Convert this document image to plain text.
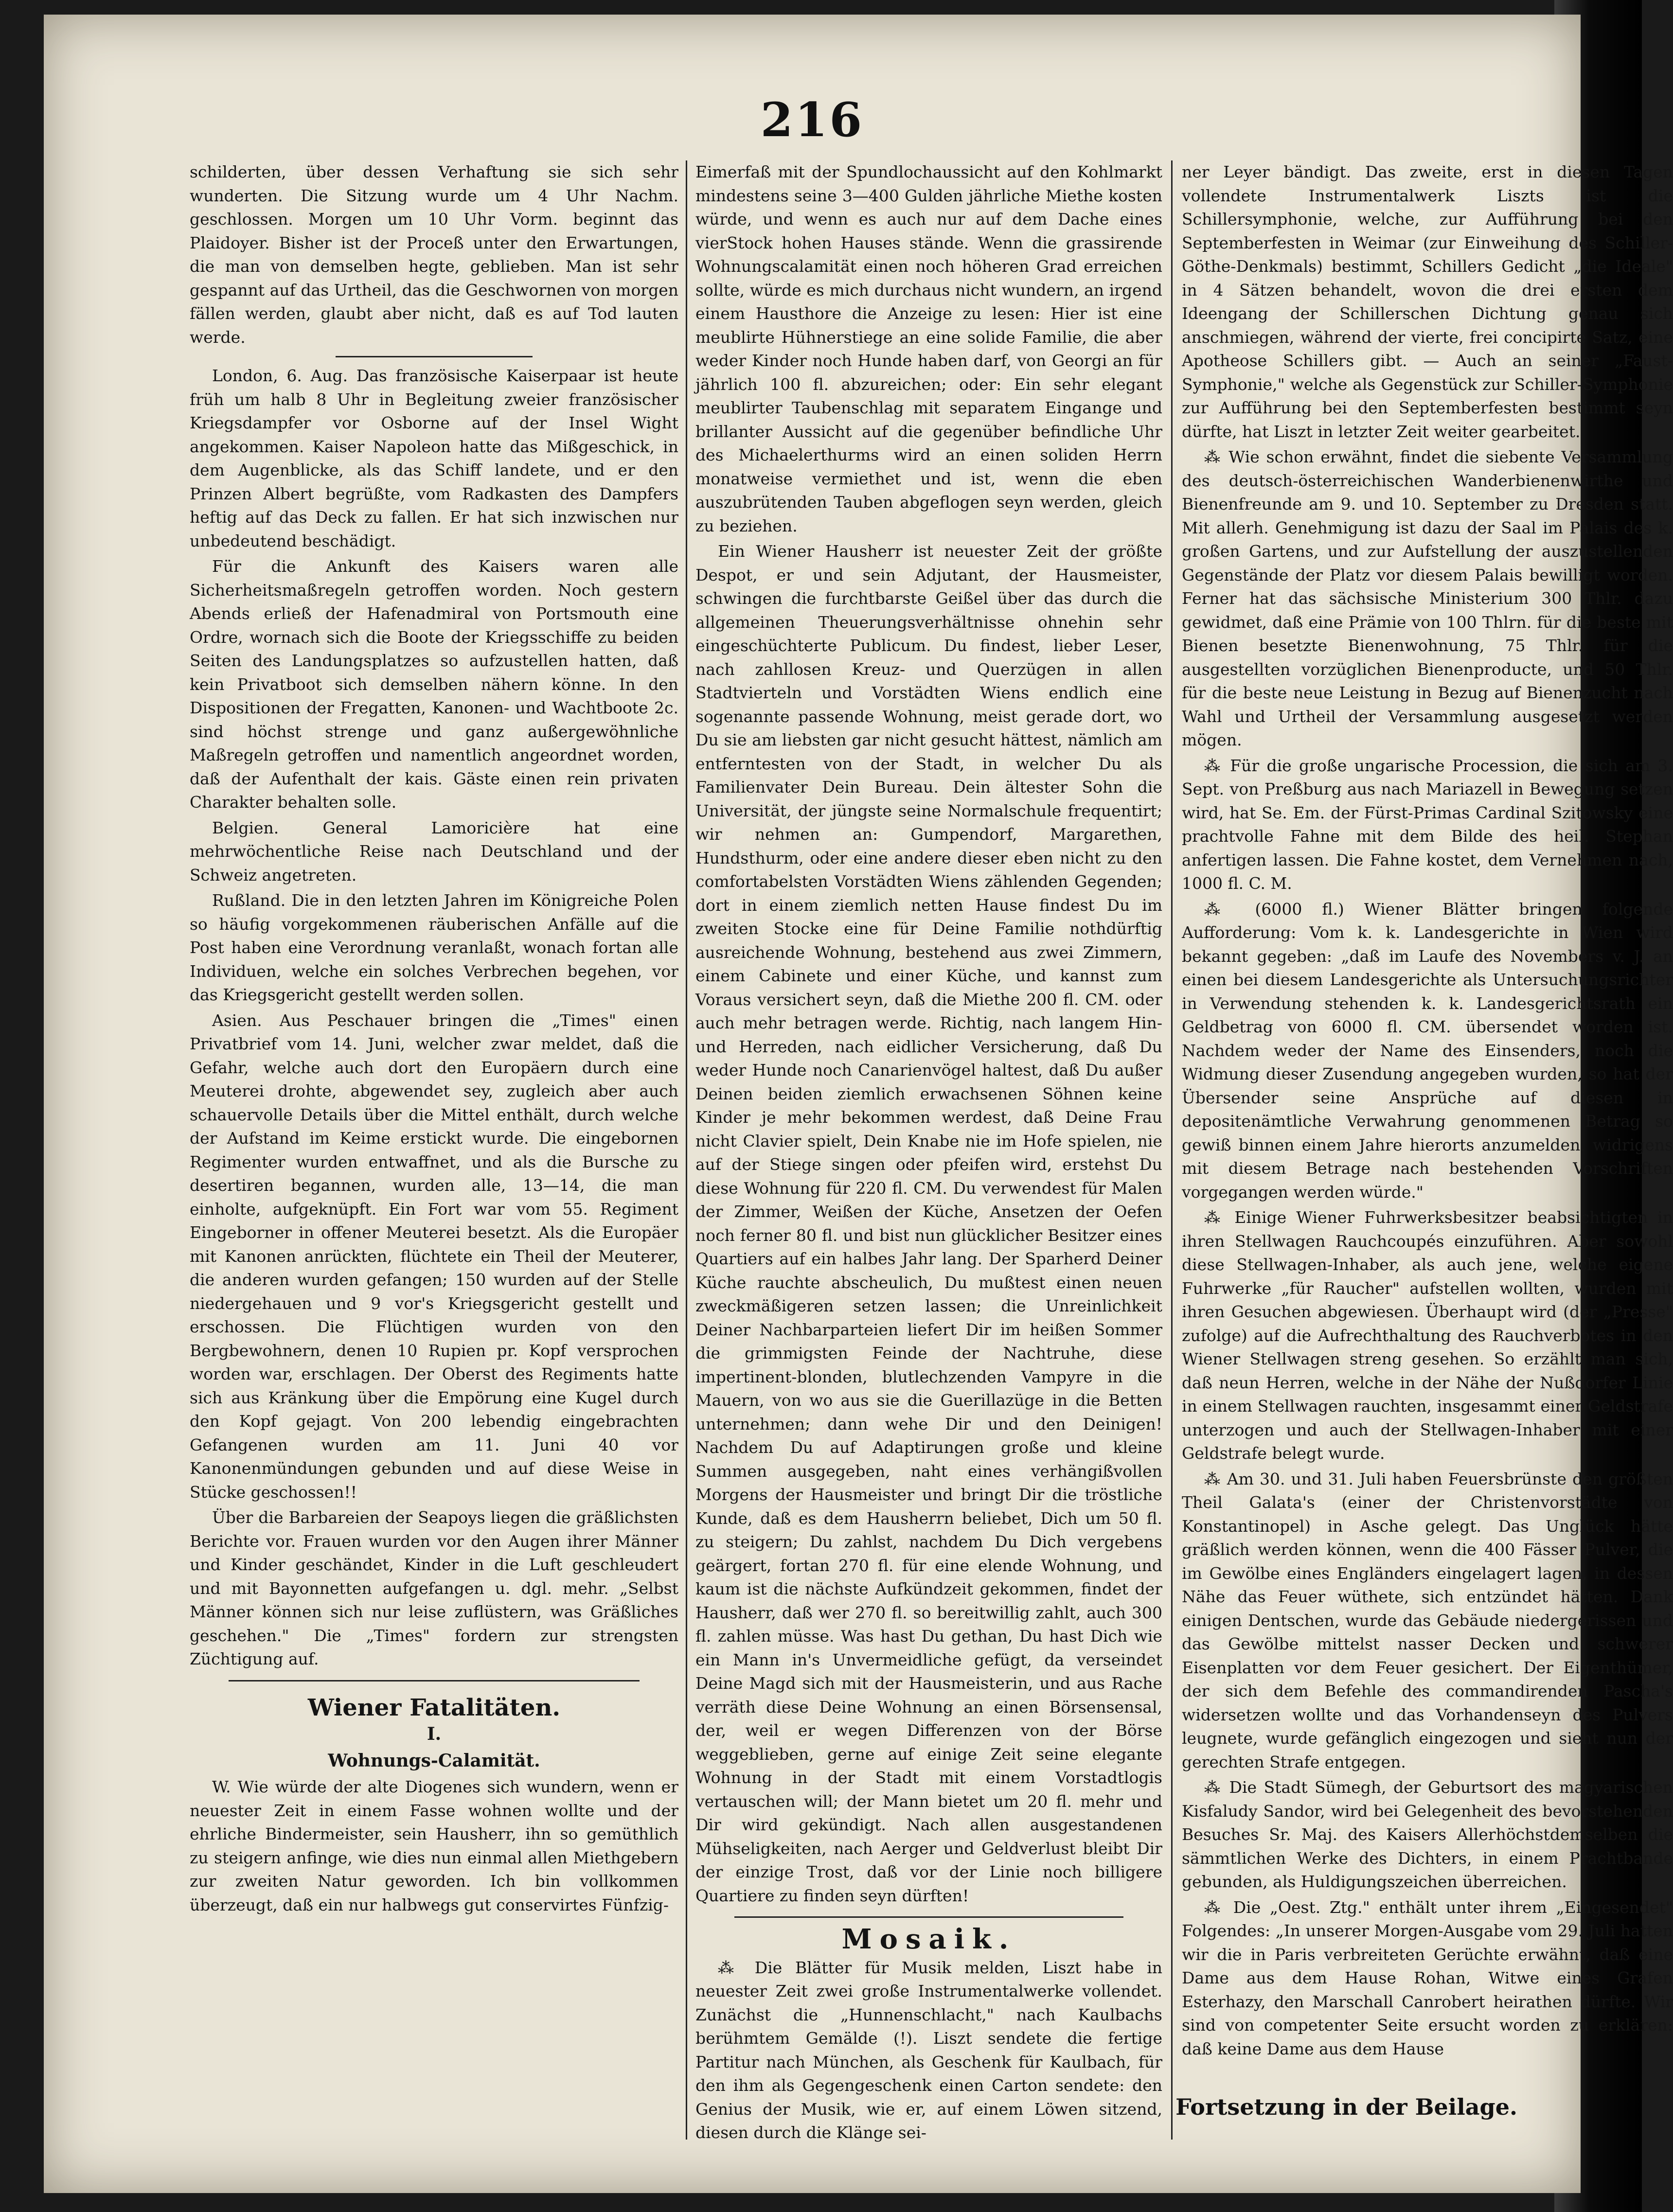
216

schilderten, über dessen Verhaftung sie sich sehr wunderten. Die Sitzung wurde um 4 Uhr Nachm. geschlossen. Morgen um 10 Uhr Vorm. beginnt das Plaidoyer. Bisher ist der Proceß unter den Erwartungen, die man von demselben hegte, geblieben. Man ist sehr gespannt auf das Urtheil, das die Geschwornen von morgen fällen werden, glaubt aber nicht, daß es auf Tod lauten werde.

London, 6. Aug. Das französische Kaiserpaar ist heute früh um halb 8 Uhr in Begleitung zweier französischer Kriegsdampfer vor Osborne auf der Insel Wight angekommen. Kaiser Napoleon hatte das Mißgeschick, in dem Augenblicke, als das Schiff landete, und er den Prinzen Albert begrüßte, vom Radkasten des Dampfers heftig auf das Deck zu fallen. Er hat sich inzwischen nur unbedeutend beschädigt.

Für die Ankunft des Kaisers waren alle Sicherheitsmaßregeln getroffen worden. Noch gestern Abends erließ der Hafenadmiral von Portsmouth eine Ordre, wornach sich die Boote der Kriegsschiffe zu beiden Seiten des Landungsplatzes so aufzustellen hatten, daß kein Privatboot sich demselben nähern könne. In den Dispositionen der Fregatten, Kanonen- und Wachtboote 2c. sind höchst strenge und ganz außergewöhnliche Maßregeln getroffen und namentlich angeordnet worden, daß der Aufenthalt der kais. Gäste einen rein privaten Charakter behalten solle.

Belgien. General Lamoricière hat eine mehrwöchentliche Reise nach Deutschland und der Schweiz angetreten.

Rußland. Die in den letzten Jahren im Königreiche Polen so häufig vorgekommenen räuberischen Anfälle auf die Post haben eine Verordnung veranlaßt, wonach fortan alle Individuen, welche ein solches Verbrechen begehen, vor das Kriegsgericht gestellt werden sollen.

Asien. Aus Peschauer bringen die „Times" einen Privatbrief vom 14. Juni, welcher zwar meldet, daß die Gefahr, welche auch dort den Europäern durch eine Meuterei drohte, abgewendet sey, zugleich aber auch schauervolle Details über die Mittel enthält, durch welche der Aufstand im Keime erstickt wurde. Die eingebornen Regimenter wurden entwaffnet, und als die Bursche zu desertiren begannen, wurden alle, 13—14, die man einholte, aufgeknüpft. Ein Fort war vom 55. Regiment Eingeborner in offener Meuterei besetzt. Als die Europäer mit Kanonen anrückten, flüchtete ein Theil der Meuterer, die anderen wurden gefangen; 150 wurden auf der Stelle niedergehauen und 9 vor's Kriegsgericht gestellt und erschossen. Die Flüchtigen wurden von den Bergbewohnern, denen 10 Rupien pr. Kopf versprochen worden war, erschlagen. Der Oberst des Regiments hatte sich aus Kränkung über die Empörung eine Kugel durch den Kopf gejagt. Von 200 lebendig eingebrachten Gefangenen wurden am 11. Juni 40 vor Kanonenmündungen gebunden und auf diese Weise in Stücke geschossen!!

Über die Barbareien der Seapoys liegen die gräßlichsten Berichte vor. Frauen wurden vor den Augen ihrer Männer und Kinder geschändet, Kinder in die Luft geschleudert und mit Bayonnetten aufgefangen u. dgl. mehr. „Selbst Männer können sich nur leise zuflüstern, was Gräßliches geschehen." Die „Times" fordern zur strengsten Züchtigung auf.

Wiener Fatalitäten.
I.
Wohnungs-Calamität.

W. Wie würde der alte Diogenes sich wundern, wenn er neuester Zeit in einem Fasse wohnen wollte und der ehrliche Bindermeister, sein Hausherr, ihn so gemüthlich zu steigern anfinge, wie dies nun einmal allen Miethgebern zur zweiten Natur geworden. Ich bin vollkommen überzeugt, daß ein nur halbwegs gut conservirtes Fünfzig-

Eimerfaß mit der Spundlochaussicht auf den Kohlmarkt mindestens seine 3—400 Gulden jährliche Miethe kosten würde, und wenn es auch nur auf dem Dache eines vierStock hohen Hauses stände. Wenn die grassirende Wohnungscalamität einen noch höheren Grad erreichen sollte, würde es mich durchaus nicht wundern, an irgend einem Hausthore die Anzeige zu lesen: Hier ist eine meublirte Hühnerstiege an eine solide Familie, die aber weder Kinder noch Hunde haben darf, von Georgi an für jährlich 100 fl. abzureichen; oder: Ein sehr elegant meublirter Taubenschlag mit separatem Eingange und brillanter Aussicht auf die gegenüber befindliche Uhr des Michaelerthurms wird an einen soliden Herrn monatweise vermiethet und ist, wenn die eben auszubrütenden Tauben abgeflogen seyn werden, gleich zu beziehen.

Ein Wiener Hausherr ist neuester Zeit der größte Despot, er und sein Adjutant, der Hausmeister, schwingen die furchtbarste Geißel über das durch die allgemeinen Theuerungsverhältnisse ohnehin sehr eingeschüchterte Publicum. Du findest, lieber Leser, nach zahllosen Kreuz- und Querzügen in allen Stadtvierteln und Vorstädten Wiens endlich eine sogenannte passende Wohnung, meist gerade dort, wo Du sie am liebsten gar nicht gesucht hättest, nämlich am entferntesten von der Stadt, in welcher Du als Familienvater Dein Bureau. Dein ältester Sohn die Universität, der jüngste seine Normalschule frequentirt; wir nehmen an: Gumpendorf, Margarethen, Hundsthurm, oder eine andere dieser eben nicht zu den comfortabelsten Vorstädten Wiens zählenden Gegenden; dort in einem ziemlich netten Hause findest Du im zweiten Stocke eine für Deine Familie nothdürftig ausreichende Wohnung, bestehend aus zwei Zimmern, einem Cabinete und einer Küche, und kannst zum Voraus versichert seyn, daß die Miethe 200 fl. CM. oder auch mehr betragen werde. Richtig, nach langem Hin- und Herreden, nach eidlicher Versicherung, daß Du weder Hunde noch Canarienvögel haltest, daß Du außer Deinen beiden ziemlich erwachsenen Söhnen keine Kinder je mehr bekommen werdest, daß Deine Frau nicht Clavier spielt, Dein Knabe nie im Hofe spielen, nie auf der Stiege singen oder pfeifen wird, erstehst Du diese Wohnung für 220 fl. CM. Du verwendest für Malen der Zimmer, Weißen der Küche, Ansetzen der Oefen noch ferner 80 fl. und bist nun glücklicher Besitzer eines Quartiers auf ein halbes Jahr lang. Der Sparherd Deiner Küche rauchte abscheulich, Du mußtest einen neuen zweckmäßigeren setzen lassen; die Unreinlichkeit Deiner Nachbarparteien liefert Dir im heißen Sommer die grimmigsten Feinde der Nachtruhe, diese impertinent-blonden, blutlechzenden Vampyre in die Mauern, von wo aus sie die Guerillazüge in die Betten unternehmen; dann wehe Dir und den Deinigen! Nachdem Du auf Adaptirungen große und kleine Summen ausgegeben, naht eines verhängißvollen Morgens der Hausmeister und bringt Dir die tröstliche Kunde, daß es dem Hausherrn beliebet, Dich um 50 fl. zu steigern; Du zahlst, nachdem Du Dich vergebens geärgert, fortan 270 fl. für eine elende Wohnung, und kaum ist die nächste Aufkündzeit gekommen, findet der Hausherr, daß wer 270 fl. so bereitwillig zahlt, auch 300 fl. zahlen müsse. Was hast Du gethan, Du hast Dich wie ein Mann in's Unvermeidliche gefügt, da verseindet Deine Magd sich mit der Hausmeisterin, und aus Rache verräth diese Deine Wohnung an einen Börsensensal, der, weil er wegen Differenzen von der Börse weggeblieben, gerne auf einige Zeit seine elegante Wohnung in der Stadt mit einem Vorstadtlogis vertauschen will; der Mann bietet um 20 fl. mehr und Dir wird gekündigt. Nach allen ausgestandenen Mühseligkeiten, nach Aerger und Geldverlust bleibt Dir der einzige Trost, daß vor der Linie noch billigere Quartiere zu finden seyn dürften!

Mosaik.

⁂ Die Blätter für Musik melden, Liszt habe in neuester Zeit zwei große Instrumentalwerke vollendet. Zunächst die „Hunnenschlacht," nach Kaulbachs berühmtem Gemälde (!). Liszt sendete die fertige Partitur nach München, als Geschenk für Kaulbach, für den ihm als Gegengeschenk einen Carton sendete: den Genius der Musik, wie er, auf einem Löwen sitzend, diesen durch die Klänge sei-

ner Leyer bändigt. Das zweite, erst in diesen Tagen vollendete Instrumentalwerk Liszts ist die Schillersymphonie, welche, zur Aufführung bei den Septemberfesten in Weimar (zur Einweihung des Schiller-Göthe-Denkmals) bestimmt, Schillers Gedicht „die Ideale" in 4 Sätzen behandelt, wovon die drei ersten dem Ideengang der Schillerschen Dichtung genau sich anschmiegen, während der vierte, frei concipirte Satz, eine Apotheose Schillers gibt. — Auch an seiner „Faust-Symphonie," welche als Gegenstück zur Schiller-Symphonie zur Aufführung bei den Septemberfesten bestimmt seyn dürfte, hat Liszt in letzter Zeit weiter gearbeitet.

⁂ Wie schon erwähnt, findet die siebente Versammlung des deutsch-österreichischen Wanderbienenwirthe und Bienenfreunde am 9. und 10. September zu Dresden statt. Mit allerh. Genehmigung ist dazu der Saal im Palais des k. großen Gartens, und zur Aufstellung der auszustellenden Gegenstände der Platz vor diesem Palais bewilligt worden. Ferner hat das sächsische Ministerium 300 Thlr. dazu gewidmet, daß eine Prämie von 100 Thlrn. für die beste mit Bienen besetzte Bienenwohnung, 75 Thlr. für die ausgestellten vorzüglichen Bienenproducte, und 50 Thlr. für die beste neue Leistung in Bezug auf Bienenzucht nach Wahl und Urtheil der Versammlung ausgesetzt werden mögen.

⁂ Für die große ungarische Procession, die sich am 3. Sept. von Preßburg aus nach Mariazell in Bewegung setzen wird, hat Se. Em. der Fürst-Primas Cardinal Szitowsky eine prachtvolle Fahne mit dem Bilde des heil. Stephan anfertigen lassen. Die Fahne kostet, dem Vernehmen nach, 1000 fl. C. M.

⁂ (6000 fl.) Wiener Blätter bringen folgende Aufforderung: Vom k. k. Landesgerichte in Wien wird bekannt gegeben: „daß im Laufe des Novembers v. J. an einen bei diesem Landesgerichte als Untersuchungsrichter in Verwendung stehenden k. k. Landesgerichtsrath ein Geldbetrag von 6000 fl. CM. übersendet worden ist. Nachdem weder der Name des Einsenders, noch die Widmung dieser Zusendung angegeben wurden, so hat der Übersender seine Ansprüche auf diesen in depositenämtliche Verwahrung genommenen Betrag so gewiß binnen einem Jahre hierorts anzumelden, widrigens mit diesem Betrage nach bestehenden Vorschriften vorgegangen werden würde."

⁂ Einige Wiener Fuhrwerksbesitzer beabsichtigten in ihren Stellwagen Rauchcoupés einzuführen. Aber sowohl diese Stellwagen-Inhaber, als auch jene, welche eigene Fuhrwerke „für Raucher" aufstellen wollten, wurden mit ihren Gesuchen abgewiesen. Überhaupt wird (der „Presse" zufolge) auf die Aufrechthaltung des Rauchverbotes in den Wiener Stellwagen streng gesehen. So erzählt man sich, daß neun Herren, welche in der Nähe der Nußdorfer Linie in einem Stellwagen rauchten, insgesammt einer Geldstrafe unterzogen und auch der Stellwagen-Inhaber mit einer Geldstrafe belegt wurde.

⁂ Am 30. und 31. Juli haben Feuersbrünste den größten Theil Galata's (einer der Christenvorstädte von Konstantinopel) in Asche gelegt. Das Unglück hätte gräßlich werden können, wenn die 400 Fässer Pulver, die im Gewölbe eines Engländers eingelagert lagen, in dessen Nähe das Feuer wüthete, sich entzündet hätten. Dank einigen Dentschen, wurde das Gebäude niedergerissen und das Gewölbe mittelst nasser Decken und schwerer Eisenplatten vor dem Feuer gesichert. Der Eigenthümer, der sich dem Befehle des commandirenden Pascha's widersetzen wollte und das Vorhandenseyn des Pulvers leugnete, wurde gefänglich eingezogen und sieht nun der gerechten Strafe entgegen.

⁂ Die Stadt Sümegh, der Geburtsort des magyarischen Kisfaludy Sandor, wird bei Gelegenheit des bevorstehenden Besuches Sr. Maj. des Kaisers Allerhöchstdemselben die sämmtlichen Werke des Dichters, in einem Prachtbande gebunden, als Huldigungszeichen überreichen.

⁂ Die „Oest. Ztg." enthält unter ihrem „Eingesendet" Folgendes: „In unserer Morgen-Ausgabe vom 29. Juli hatten wir die in Paris verbreiteten Gerüchte erwähnt, daß eine Dame aus dem Hause Rohan, Witwe eines Grafen Esterhazy, den Marschall Canrobert heirathen dürfte. Wir sind von competenter Seite ersucht worden zu erklären: daß keine Dame aus dem Hause

Fortsetzung in der Beilage.
